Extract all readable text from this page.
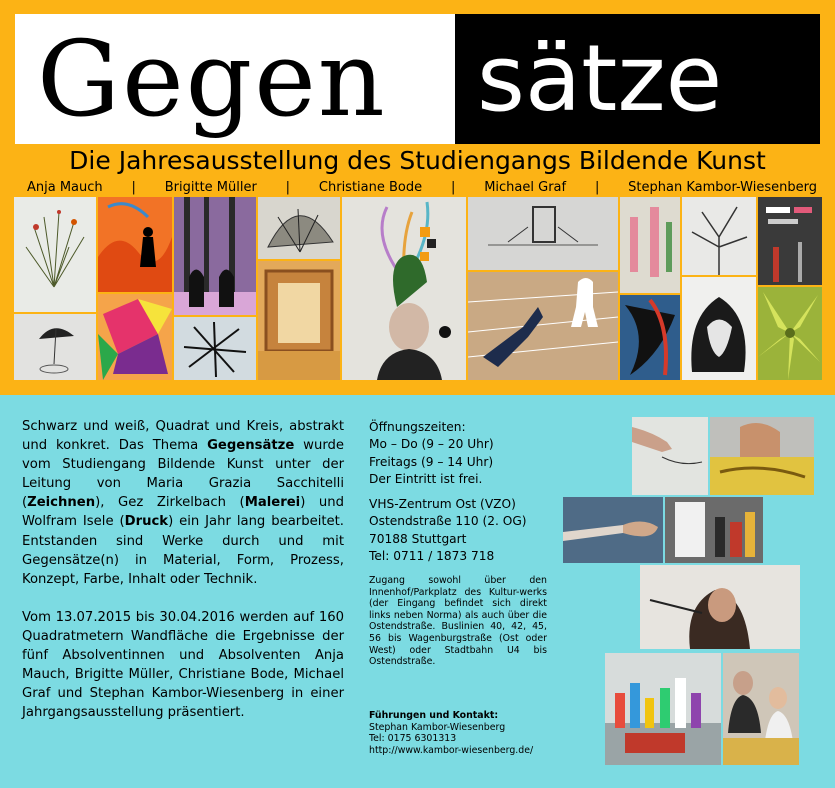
Gegen sätze
Die Jahresausstellung des Studiengangs Bildende Kunst
Anja Mauch | Brigitte Müller | Christiane Bode | Michael Graf | Stephan Kambor-Wiesenberg

Schwarz und weiß, Quadrat und Kreis, abstrakt und konkret. Das Thema Gegensätze wurde vom Studiengang Bildende Kunst unter der Leitung von Maria Grazia Sacchitelli (Zeichnen), Gez Zirkelbach (Malerei) und Wolfram Isele (Druck) ein Jahr lang bearbeitet. Entstanden sind Werke durch und mit Gegensätze(n) in Material, Form, Prozess, Konzept, Farbe, Inhalt oder Technik.

Vom 13.07.2015 bis 30.04.2016 werden auf 160 Quadratmetern Wandfläche die Ergebnisse der fünf Absolventinnen und Absolventen Anja Mauch, Brigitte Müller, Christiane Bode, Michael Graf und Stephan Kambor-Wiesenberg in einer Jahrgangsausstellung präsentiert.

Öffnungszeiten:
Mo – Do (9 – 20 Uhr)
Freitags (9 – 14 Uhr)
Der Eintritt ist frei.

VHS-Zentrum Ost (VZO)
Ostendstraße 110 (2. OG)
70188 Stuttgart
Tel: 0711 / 1873 718

Zugang sowohl über den Innenhof/Parkplatz des Kultur-werks (der Eingang befindet sich direkt links neben Norma) als auch über die Ostendstraße. Buslinien 40, 42, 45, 56 bis Wagenburgstraße (Ost oder West) oder Stadtbahn U4 bis Ostendstraße.

Führungen und Kontakt:
Stephan Kambor-Wiesenberg
Tel: 0175 6301313
http://www.kambor-wiesenberg.de/
